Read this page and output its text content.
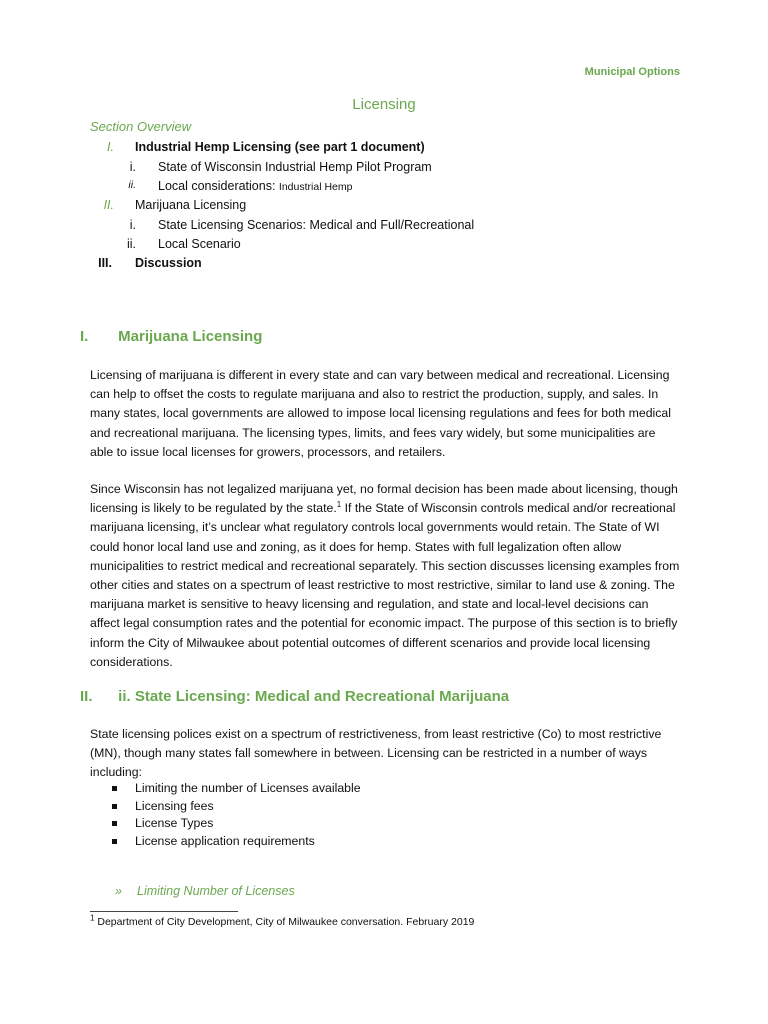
Municipal Options
Licensing
Section Overview
I. Industrial Hemp Licensing (see part 1 document)
i. State of Wisconsin Industrial Hemp Pilot Program
ii. Local considerations: Industrial Hemp
II. Marijuana Licensing
i. State Licensing Scenarios: Medical and Full/Recreational
ii. Local Scenario
III. Discussion
I. Marijuana Licensing

Licensing of marijuana is different in every state and can vary between medical and recreational. Licensing can help to offset the costs to regulate marijuana and also to restrict the production, supply, and sales. In many states, local governments are allowed to impose local licensing regulations and fees for both medical and recreational marijuana. The licensing types, limits, and fees vary widely, but some municipalities are able to issue local licenses for growers, processors, and retailers.

Since Wisconsin has not legalized marijuana yet, no formal decision has been made about licensing, though licensing is likely to be regulated by the state.$^1$ If the State of Wisconsin controls medical and/or recreational marijuana licensing, it’s unclear what regulatory controls local governments would retain. The State of WI could honor local land use and zoning, as it does for hemp. States with full legalization often allow municipalities to restrict medical and recreational separately. This section discusses licensing examples from other cities and states on a spectrum of least restrictive to most restrictive, similar to land use & zoning. The marijuana market is sensitive to heavy licensing and regulation, and state and local-level decisions can affect legal consumption rates and the potential for economic impact. The purpose of this section is to briefly inform the City of Milwaukee about potential outcomes of different scenarios and provide local licensing considerations.

II. ii. State Licensing: Medical and Recreational Marijuana

State licensing polices exist on a spectrum of restrictiveness, from least restrictive (Co) to most restrictive (MN), though many states fall somewhere in between. Licensing can be restricted in a number of ways including:

Limiting the number of Licenses available
Licensing fees
License Types
License application requirements
» Limiting Number of Licenses
$^1$ Department of City Development, City of Milwaukee conversation. February 2019
